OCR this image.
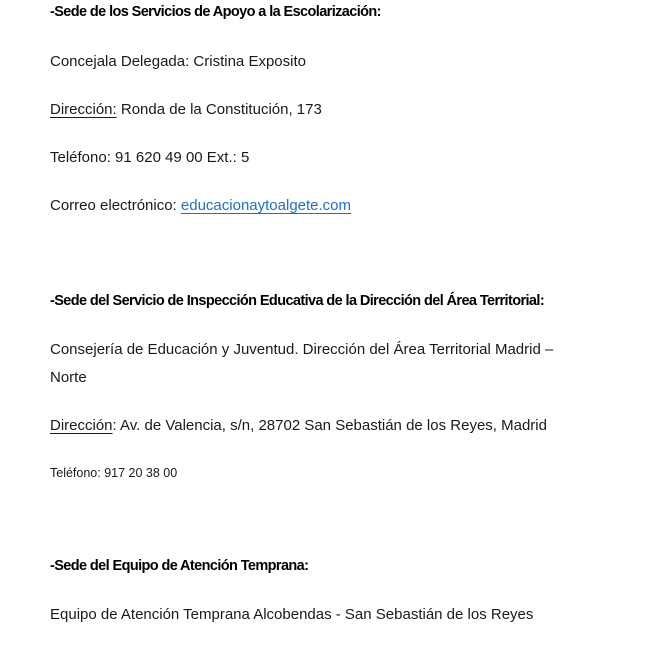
-Sede de los Servicios de Apoyo a la Escolarización:
Concejala Delegada: Cristina Exposito
Dirección: Ronda de la Constitución, 173
Teléfono: 91 620 49 00 Ext.: 5
Correo electrónico: educacionaytoalgete.com
-Sede del Servicio de Inspección Educativa de la Dirección del Área Territorial:
Consejería de Educación y Juventud. Dirección del Área Territorial Madrid –
Norte
Dirección: Av. de Valencia, s/n, 28702 San Sebastián de los Reyes, Madrid
Teléfono: 917 20 38 00
-Sede del Equipo de Atención Temprana:
Equipo de Atención Temprana Alcobendas - San Sebastián de los Reyes
